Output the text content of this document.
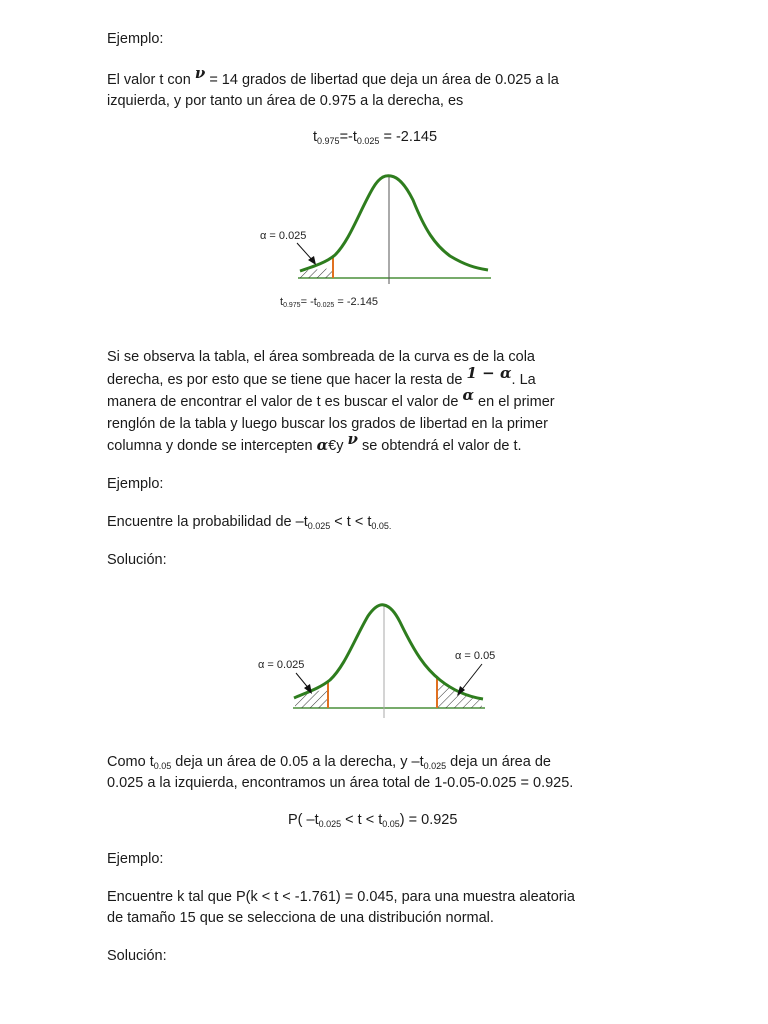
Ejemplo:

El valor t con ν = 14 grados de libertad que deja un área de 0.025 a la
izquierda, y por tanto un área de 0.975 a la derecha, es

$t_{0.975}=-t_{0.025} = -2.145$
α = 0.025
t0.975= -t0.025 = -2.145
Si se observa la tabla, el área sombreada de la curva es de la cola
derecha, es por esto que se tiene que hacer la resta de 1 − α. La
manera de encontrar el valor de t es buscar el valor de α en el primer
renglón de la tabla y luego buscar los grados de libertad en la primer
columna y donde se intercepten α€y ν se obtendrá el valor de t.

Ejemplo:

Encuentre la probabilidad de $-t_{0.025} < t < t_{0.05.}$

Solución:

α = 0.025
α = 0.05

Como $t_{0.05}$ deja un área de 0.05 a la derecha, y $-t_{0.025}$ deja un área de
0.025 a la izquierda, encontramos un área total de 1-0.05-0.025 = 0.925.

P( $-t_{0.025} < t < t_{0.05}) = 0.925$

Ejemplo:

Encuentre k tal que P(k < t < -1.761) = 0.045, para una muestra aleatoria
de tamaño 15 que se selecciona de una distribución normal.

Solución:
